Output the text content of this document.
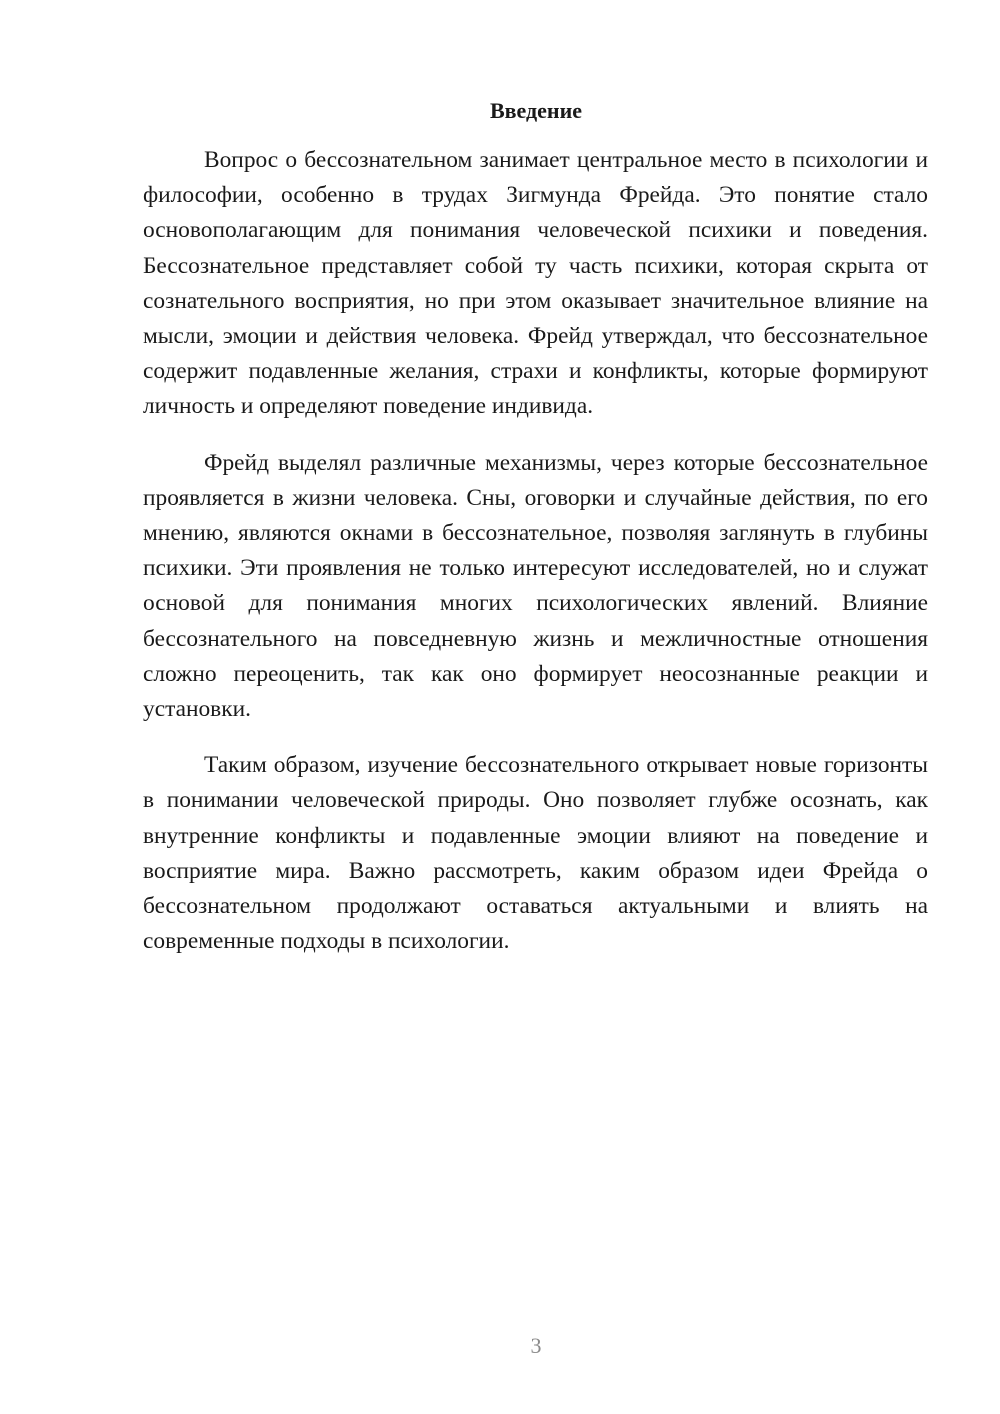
Введение

Вопрос о бессознательном занимает центральное место в психологии и философии, особенно в трудах Зигмунда Фрейда. Это понятие стало основополагающим для понимания человеческой психики и поведения. Бессознательное представляет собой ту часть психики, которая скрыта от сознательного восприятия, но при этом оказывает значительное влияние на мысли, эмоции и действия человека. Фрейд утверждал, что бессознательное содержит подавленные желания, страхи и конфликты, которые формируют личность и определяют поведение индивида.

Фрейд выделял различные механизмы, через которые бессознательное проявляется в жизни человека. Сны, оговорки и случайные действия, по его мнению, являются окнами в бессознательное, позволяя заглянуть в глубины психики. Эти проявления не только интересуют исследователей, но и служат основой для понимания многих психологических явлений. Влияние бессознательного на повседневную жизнь и межличностные отношения сложно переоценить, так как оно формирует неосознанные реакции и установки.

Таким образом, изучение бессознательного открывает новые горизонты в понимании человеческой природы. Оно позволяет глубже осознать, как внутренние конфликты и подавленные эмоции влияют на поведение и восприятие мира. Важно рассмотреть, каким образом идеи Фрейда о бессознательном продолжают оставаться актуальными и влиять на современные подходы в психологии.

3
